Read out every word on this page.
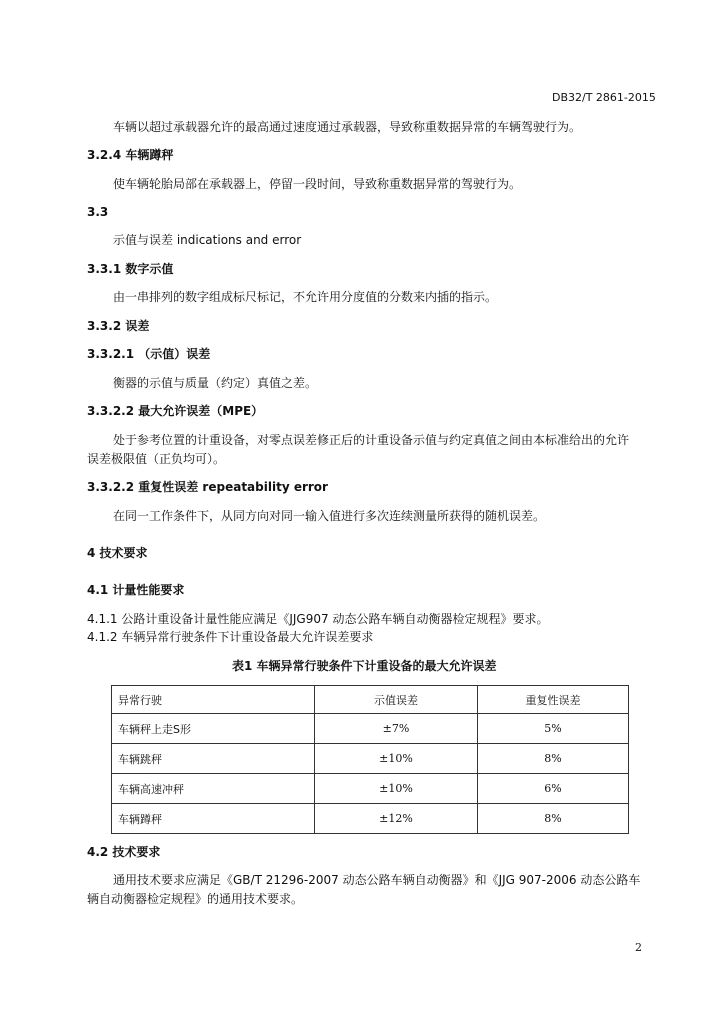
DB32/T 2861-2015
车辆以超过承载器允许的最高通过速度通过承载器，导致称重数据异常的车辆驾驶行为。
3.2.4 车辆蹲秤
使车辆轮胎局部在承载器上，停留一段时间，导致称重数据异常的驾驶行为。
3.3
示值与误差 indications and error
3.3.1 数字示值
由一串排列的数字组成标尺标记，不允许用分度值的分数来内插的指示。
3.3.2 误差
3.3.2.1 （示值）误差
衡器的示值与质量（约定）真值之差。
3.3.2.2 最大允许误差（MPE）
处于参考位置的计重设备，对零点误差修正后的计重设备示值与约定真值之间由本标准给出的允许
误差极限值（正负均可）。
3.3.2.2 重复性误差 repeatability error
在同一工作条件下，从同方向对同一输入值进行多次连续测量所获得的随机误差。
4 技术要求
4.1 计量性能要求
4.1.1 公路计重设备计量性能应满足《JJG907 动态公路车辆自动衡器检定规程》要求。
4.1.2 车辆异常行驶条件下计重设备最大允许误差要求
表1 车辆异常行驶条件下计重设备的最大允许误差
异常行驶	示值误差	重复性误差
车辆秤上走S形	±7%	5%
车辆跳秤	±10%	8%
车辆高速冲秤	±10%	6%
车辆蹲秤	±12%	8%
4.2 技术要求
通用技术要求应满足《GB/T 21296-2007 动态公路车辆自动衡器》和《JJG 907-2006 动态公路车
辆自动衡器检定规程》的通用技术要求。
2
